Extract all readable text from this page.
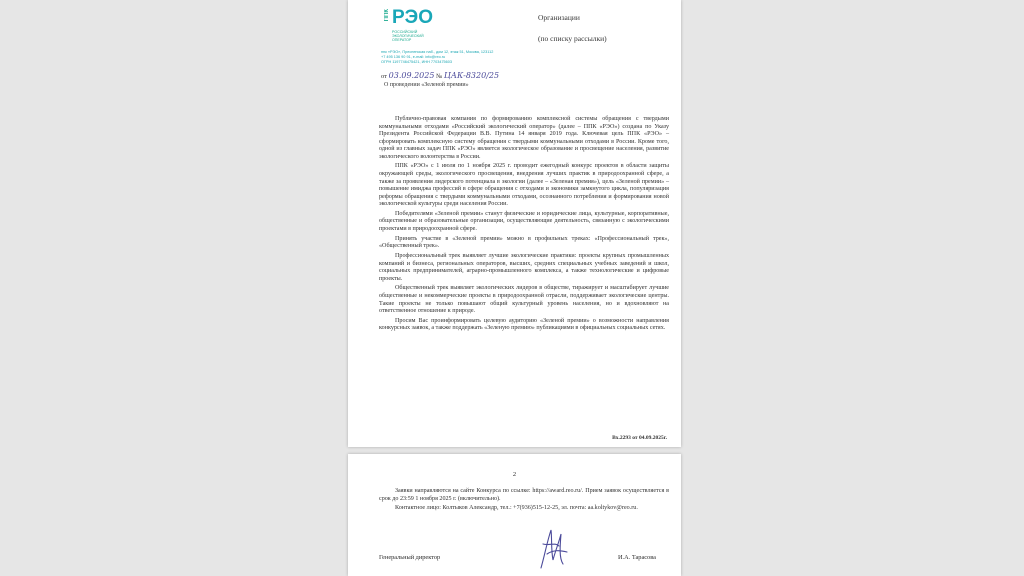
ППК РЭО
РОССИЙСКИЙ ЭКОЛОГИЧЕСКИЙ ОПЕРАТОР
ппк «РЭО», Пресненская наб., дом 12, этаж 51, Москва, 123112
+7 495 136 90 91, e-mail: info@reo.ru
ОГРН 1197746475421, ИНН 7703475603
Организации
(по списку рассылки)
от 03.09.2025 № ЦАК-8320/25
О проведении «Зеленой премии»

Публично-правовая компания по формированию комплексной системы обращения с твердыми коммунальными отходами «Российский экологический оператор» (далее – ППК «РЭО») создана по Указу Президента Российской Федерации В.В. Путина 14 января 2019 года. Ключевая цель ППК «РЭО» – сформировать комплексную систему обращения с твердыми коммунальными отходами в России. Кроме того, одной из главных задач ППК «РЭО» является экологическое образование и просвещение населения, развитие экологического волонтерства в России.

ППК «РЭО» с 1 июля по 1 ноября 2025 г. проводит ежегодный конкурс проектов в области защиты окружающей среды, экологического просвещения, внедрения лучших практик в природоохранной сфере, а также за проявления лидерского потенциала в экологии (далее – «Зеленая премия»), цель «Зеленой премии» – повышение имиджа профессий в сфере обращения с отходами и экономики замкнутого цикла, популяризация реформы обращения с твердыми коммунальными отходами, осознанного потребления и формирования новой экологической культуры среди населения России.

Победителями «Зеленой премии» станут физические и юридические лица, культурные, корпоративные, общественные и образовательные организации, осуществляющие деятельность, связанную с экологическими проектами в природоохранной сфере.

Принять участие в «Зеленой премии» можно в профильных треках: «Профессиональный трек», «Общественный трек».

Профессиональный трек выявляет лучшие экологические практики: проекты крупных промышленных компаний и бизнеса, региональных операторов, высших, средних специальных учебных заведений и школ, социальных предпринимателей, аграрно-промышленного комплекса, а также технологические и цифровые проекты.

Общественный трек выявляет экологических лидеров в обществе, тиражирует и масштабирует лучшие общественные и некоммерческие проекты в природоохранной отрасли, поддерживает экологические центры. Такие проекты не только повышают общий культурный уровень населения, но и вдохновляют на ответственное отношение к природе.

Просим Вас проинформировать целевую аудиторию «Зеленой премии» о возможности направления конкурсных заявок, а также поддержать «Зеленую премию» публикациями в официальных социальных сетях.

Вх.2293 от 04.09.2025г.
2

Заявки направляются на сайте Конкурса по ссылке: https://award.reo.ru/. Прием заявок осуществляется в срок до 23:59 1 ноября 2025 г. (включительно).

Контактное лицо: Колтыков Александр, тел.: +7(936)515-12-25, эл. почта: aa.koltykov@reo.ru.

Генеральный директор	И.А. Тарасова
